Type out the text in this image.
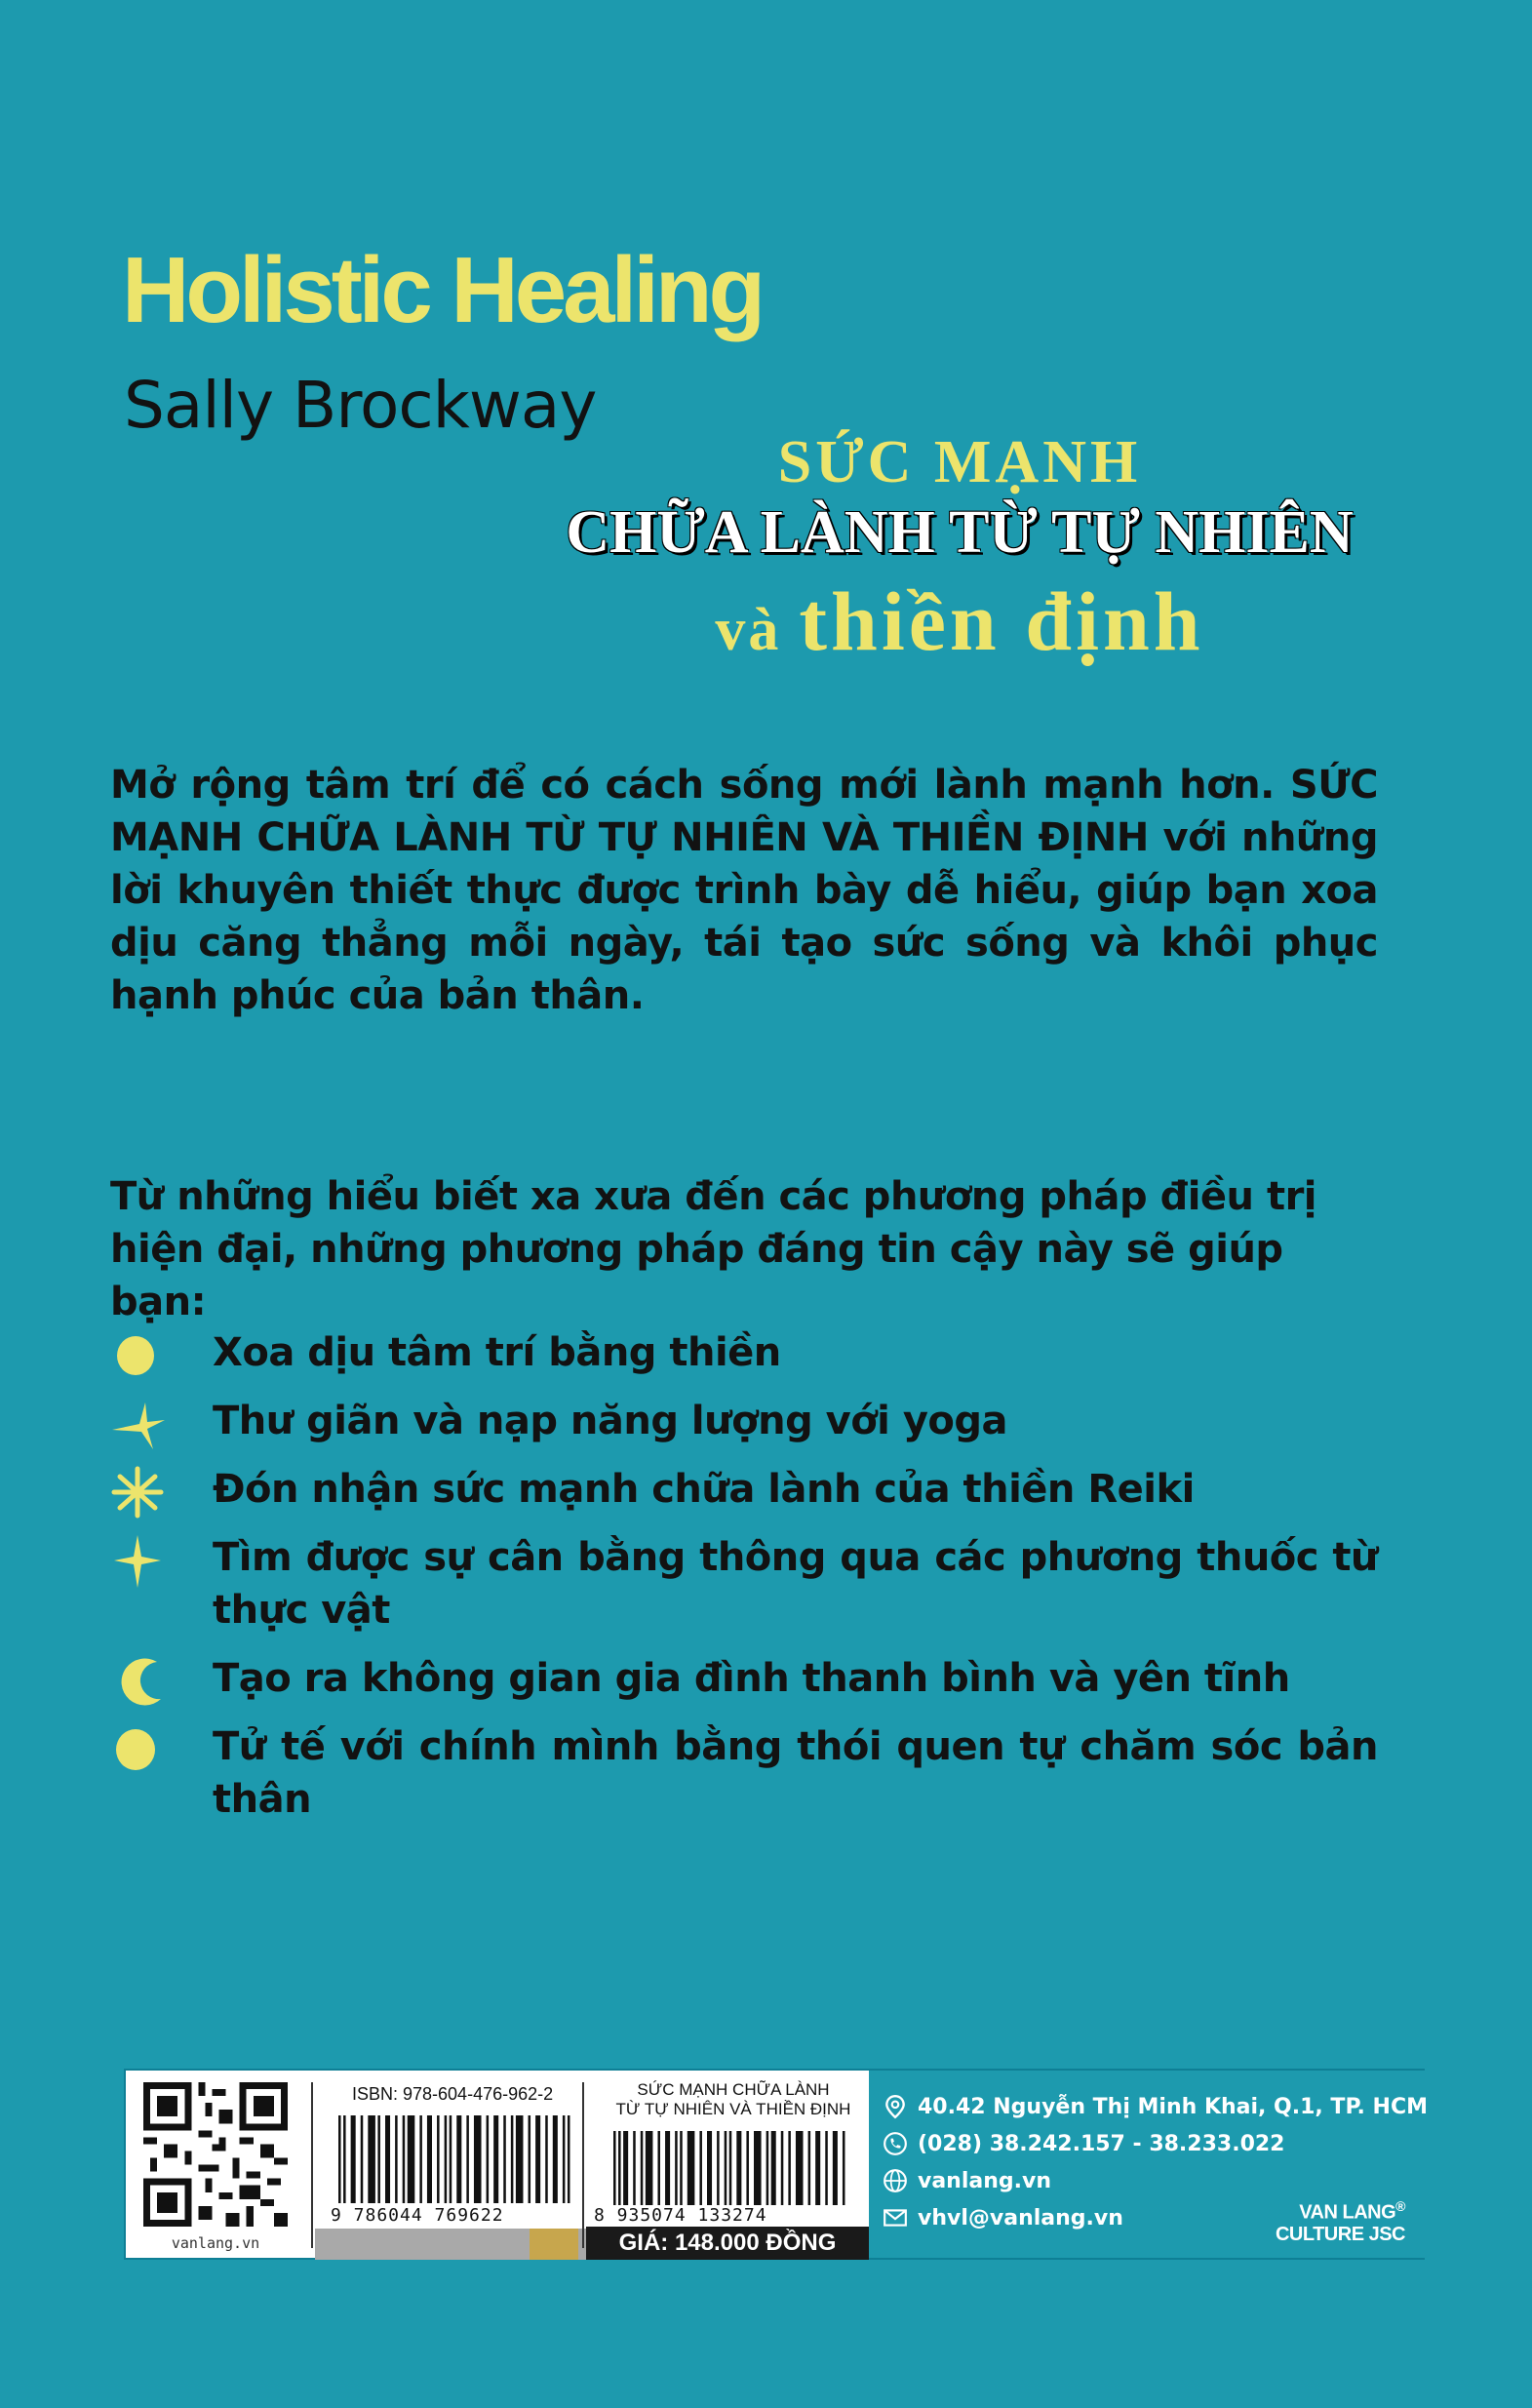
Holistic Healing
Sally Brockway
SỨC MẠNH
CHỮA LÀNH TỪ TỰ NHIÊN
và thiền định
Mở rộng tâm trí để có cách sống mới lành mạnh hơn. SỨC MẠNH CHỮA LÀNH TỪ TỰ NHIÊN VÀ THIỀN ĐỊNH với những lời khuyên thiết thực được trình bày dễ hiểu, giúp bạn xoa dịu căng thẳng mỗi ngày, tái tạo sức sống và khôi phục hạnh phúc của bản thân.
Từ những hiểu biết xa xưa đến các phương pháp điều trị hiện đại, những phương pháp đáng tin cậy này sẽ giúp bạn:
Xoa dịu tâm trí bằng thiền
Thư giãn và nạp năng lượng với yoga
Đón nhận sức mạnh chữa lành của thiền Reiki
Tìm được sự cân bằng thông qua các phương thuốc từ thực vật
Tạo ra không gian gia đình thanh bình và yên tĩnh
Tử tế với chính mình bằng thói quen tự chăm sóc bản thân
vanlang.vn
ISBN: 978-604-476-962-2
9 786044 769622
SỨC MẠNH CHỮA LÀNH
TỪ TỰ NHIÊN VÀ THIỀN ĐỊNH
8 935074 133274
GIÁ: 148.000 ĐỒNG
40.42 Nguyễn Thị Minh Khai, Q.1, TP. HCM
(028) 38.242.157 - 38.233.022
vanlang.vn
vhvl@vanlang.vn	VAN LANG®
CULTURE JSC
